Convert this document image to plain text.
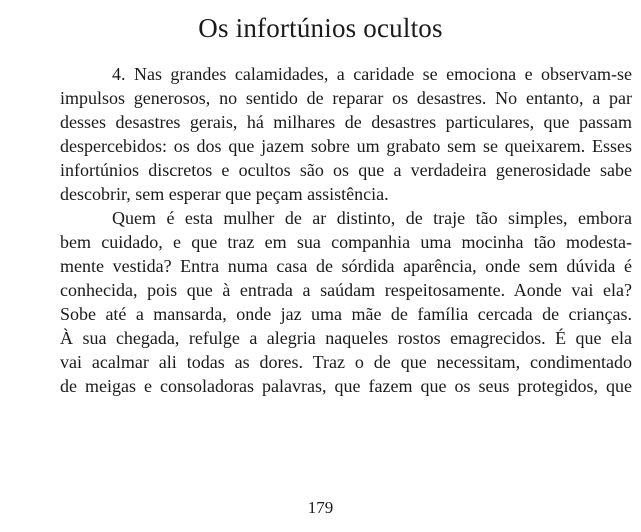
Os infortúnios ocultos
4. Nas grandes calamidades, a caridade se emociona e observam-se
impulsos generosos, no sentido de reparar os desastres. No entanto, a par
desses desastres gerais, há milhares de desastres particulares, que passam
despercebidos: os dos que jazem sobre um grabato sem se queixarem. Esses
infortúnios discretos e ocultos são os que a verdadeira generosidade sabe
descobrir, sem esperar que peçam assistência.
Quem é esta mulher de ar distinto, de traje tão simples, embora
bem cuidado, e que traz em sua companhia uma mocinha tão modesta-
mente vestida? Entra numa casa de sórdida aparência, onde sem dúvida é
conhecida, pois que à entrada a saúdam respeitosamente. Aonde vai ela?
Sobe até a mansarda, onde jaz uma mãe de família cercada de crianças.
À sua chegada, refulge a alegria naqueles rostos emagrecidos. É que ela
vai acalmar ali todas as dores. Traz o de que necessitam, condimentado
de meigas e consoladoras palavras, que fazem que os seus protegidos, que
179
